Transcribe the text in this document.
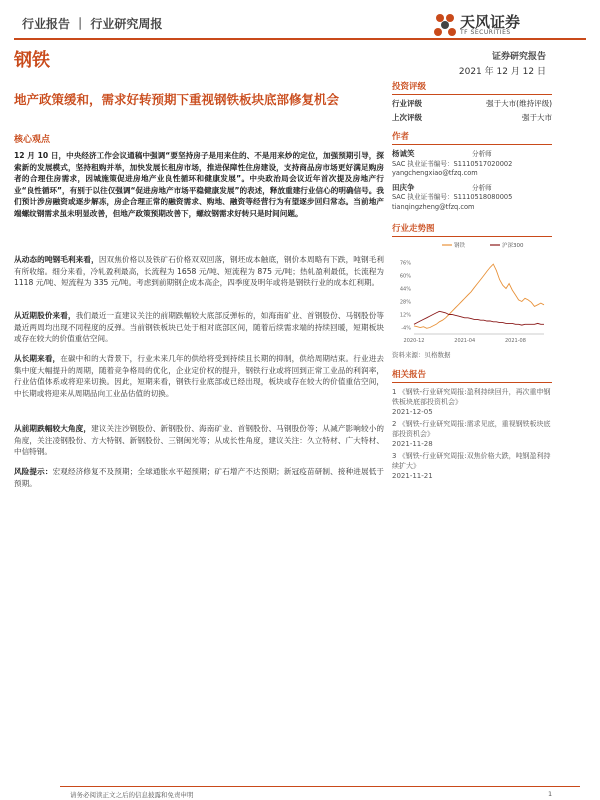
行业报告 ｜ 行业研究周报	天风证券
TF SECURITIES
钢铁	证券研究报告
2021 年 12 月 12 日
地产政策缓和，需求好转预期下重视钢铁板块底部修复机会
核心观点

12 月 10 日，中央经济工作会议通稿中强调“要坚持房子是用来住的、不是用来炒的定位，加强预期引导，探索新的发展模式，坚持租购并举，加快发展长租房市场，推进保障性住房建设，支持商品房市场更好满足购房者的合理住房需求，因城施策促进房地产业良性循环和健康发展”。中央政治局会议近年首次提及房地产行业“良性循环”，有别于以往仅强调“促进房地产市场平稳健康发展”的表述，释放重建行业信心的明确信号。我们预计涉房融资或逐步解冻，房企合理正常的融资需求、购地、融资等经营行为有望逐步回归常态。当前地产端螺纹钢需求虽未明显改善，但地产政策预期改善下，螺纹钢需求好转只是时间问题。

从动态的吨钢毛利来看，因双焦价格以及铁矿石价格双双回落，钢坯成本触底，钢价本周略有下跌，吨钢毛利有所收缩。细分来看，冷轧盈利最高，长流程为 1658 元/吨、短流程为 875 元/吨；热轧盈利最低，长流程为 1118 元/吨、短流程为 335 元/吨。考虑到前期钢企成本高企，四季度及明年或将是钢铁行业的成本红利期。

从近期股价来看，我们最近一直建议关注的前期跌幅较大底部反弹标的，如海南矿业、首钢股份、马钢股份等最近两周均出现不同程度的反弹。当前钢铁板块已处于相对底部区间，随着后续需求端的持续回暖，短期板块或存在较大的价值重估空间。

从长期来看，在碳中和的大背景下，行业未来几年的供给将受到持续且长期的抑制，供给周期结束。行业进去集中度大幅提升的周期，随着竞争格局的优化，企业定价权的提升，钢铁行业或将回到正常工业品的利润率，行业估值体系或将迎来切换。因此，短期来看，钢铁行业底部或已经出现，板块或存在较大的价值重估空间，中长期或将迎来从周期品向工业品估值的切换。

从前期跌幅较大角度，建议关注沙钢股份、新钢股份、海南矿业、首钢股份、马钢股份等；从减产影响较小的角度，关注凌钢股份、方大特钢、新钢股份、三钢闽光等；从成长性角度，建议关注：久立特材、广大特材、中信特钢。

风险提示：宏观经济修复不及预期；全球通胀水平超预期；矿石增产不达预期；新冠疫苗研制、接种进展低于预期。

投资评级
行业评级	强于大市(维持评级)
上次评级	强于大市
作者
杨诚笑	分析师
SAC 执业证书编号：S1110517020002
yangchengxiao@tfzq.com
田庆争	分析师
SAC 执业证书编号：S1110518080005
tianqingzheng@tfzq.com
行业走势图
-4%
12%
28%
44%
60%
76%
2020-12	2021-04	2021-08
钢铁	沪深300
资料来源：贝格数据
相关报告
1 《钢铁-行业研究周报:盈利持续回升，再次重申钢铁板块底部投资机会》
2021-12-05
2 《钢铁-行业研究周报:需求见底，重视钢铁板块底部投资机会》
2021-11-28
3 《钢铁-行业研究周报:双焦价格大跌，吨钢盈利持续扩大》
2021-11-21
请务必阅读正文之后的信息披露和免责申明	1
